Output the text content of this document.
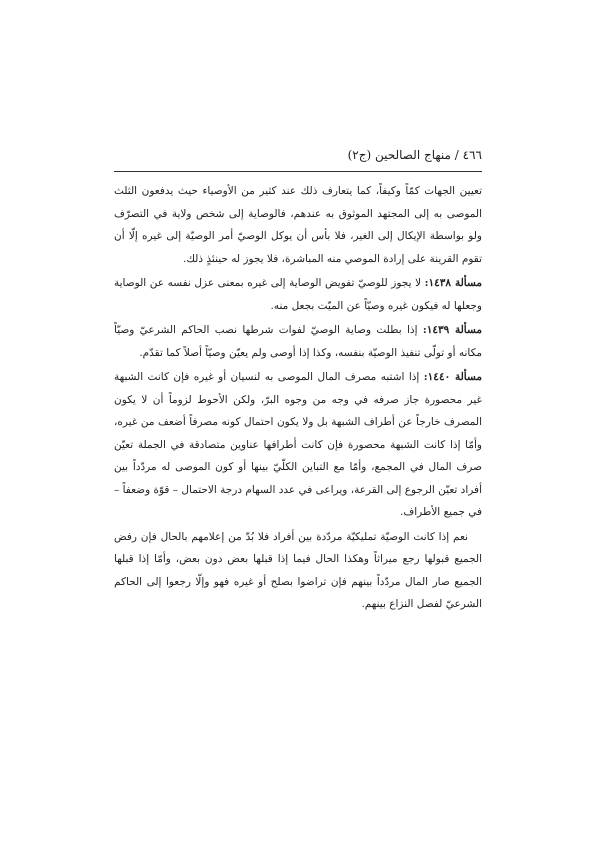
٤٦٦ / منهاج الصالحين (ج٢)

تعيين الجهات كمّاً وكيفاً، كما يتعارف ذلك عند كثير من الأوصياء حيث يدفعون الثلث الموصى به إلى المجتهد الموثوق به عندهم، فالوصاية إلى شخص ولاية في التصرّف ولو بواسطة الإيكال إلى الغير، فلا بأس أن يوكل الوصيّ أمر الوصيّة إلى غيره إلّا أن تقوم القرينة على إرادة الموصي منه المباشرة، فلا يجوز له حينئذٍ ذلك.

مسألة ١٤٣٨: لا يجوز للوصيّ تفويض الوصاية إلى غيره بمعنى عزل نفسه عن الوصاية وجعلها له فيكون غيره وصيّاً عن الميّت بجعل منه.

مسألة ١٤٣٩: إذا بطلت وصاية الوصيّ لفوات شرطها نصب الحاكم الشرعيّ وصيّاً مكانه أو تولّى تنفيذ الوصيّة بنفسه، وكذا إذا أوصى ولم يعيّن وصيّاً أصلاً كما تقدّم.

مسألة ١٤٤٠: إذا اشتبه مصرف المال الموصى به لنسيان أو غيره فإن كانت الشبهة غير محصورة جاز صرفه في وجه من وجوه البرّ، ولكن الأحوط لزوماً أن لا يكون المصرف خارجاً عن أطراف الشبهة بل ولا يكون احتمال كونه مصرفاً أضعف من غيره، وأمّا إذا كانت الشبهة محصورة فإن كانت أطرافها عناوين متصادقة في الجملة تعيّن صرف المال في المجمع، وأمّا مع التباين الكلّيّ بينها أو كون الموصى له مردّداً بين أفراد تعيّن الرجوع إلى القرعة، ويراعى في عدد السهام درجة الاحتمال – قوّة وضعفاً – في جميع الأطراف.

نعم إذا كانت الوصيّة تمليكيّة مردّدة بين أفراد فلا بُدّ من إعلامهم بالحال فإن رفض الجميع قبولها رجع ميراثاً وهكذا الحال فيما إذا قبلها بعض دون بعض، وأمّا إذا قبلها الجميع صار المال مردّداً بينهم فإن تراضوا بصلح أو غيره فهو وإلّا رجعوا إلى الحاكم الشرعيّ لفصل النزاع بينهم.
